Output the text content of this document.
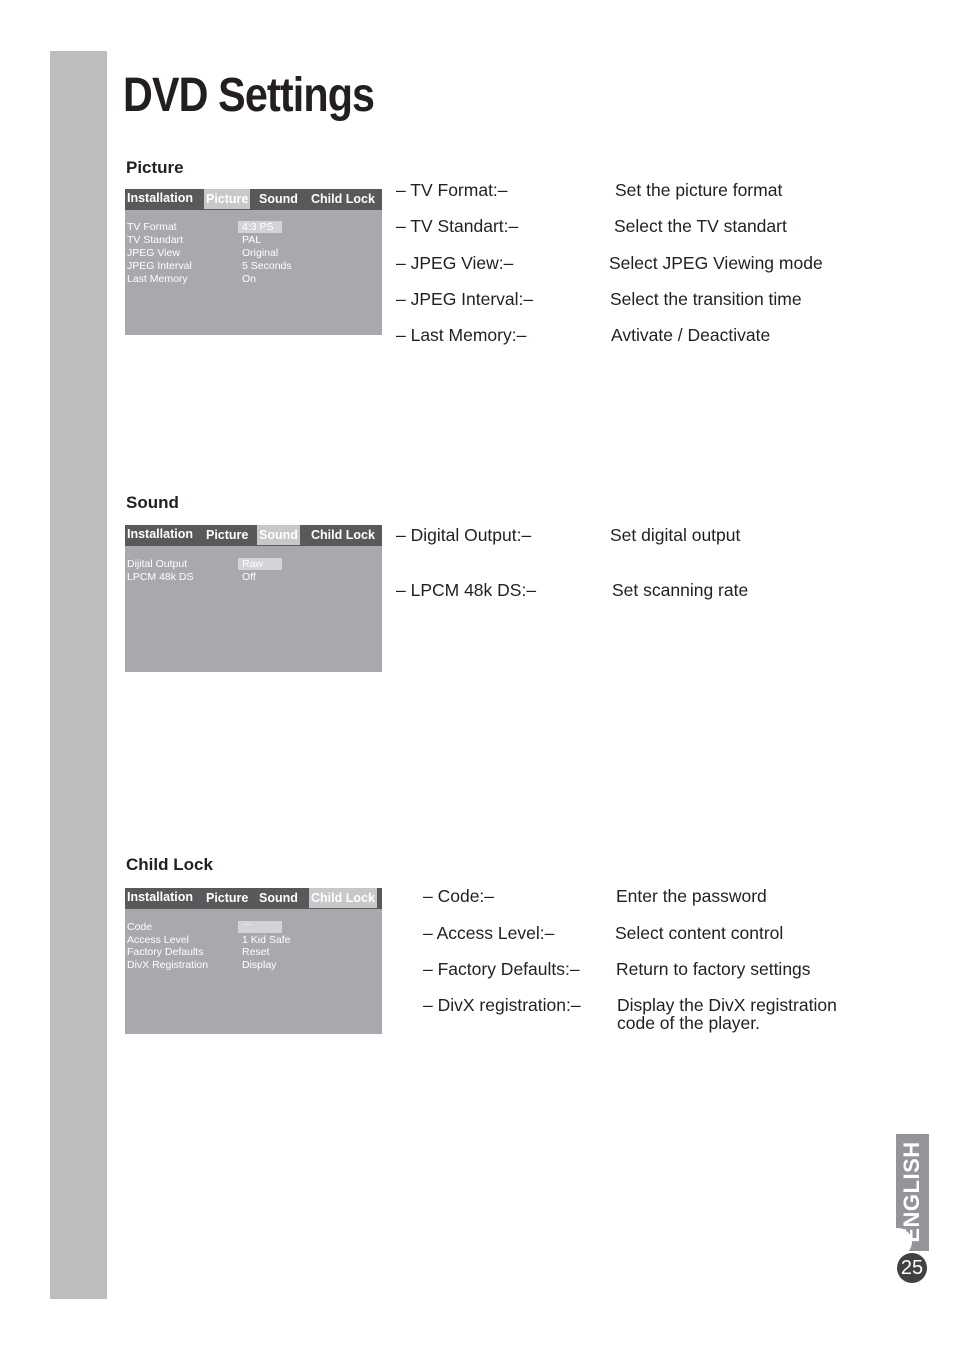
DVD Settings
Picture
Installation Picture Sound Child Lock
TV Format	4:3 PS
TV Standart	PAL
JPEG View	Original
JPEG Interval	5 Seconds
Last Memory	On
– TV Format:–	Set the picture format
– TV Standart:–	Select the TV standart
– JPEG View:–	Select JPEG Viewing mode
– JPEG Interval:–	Select the transition time
– Last Memory:–	Avtivate / Deactivate
Sound
Installation Picture Sound Child Lock
Dijital Output	Raw
LPCM 48k DS	Off
– Digital Output:–	Set digital output
– LPCM 48k DS:–	Set scanning rate
Child Lock
Installation Picture Sound Child Lock
Code	----
Access Level	1 Kid Safe
Factory Defaults	Reset
DivX Registration	Display
– Code:–	Enter the password
– Access Level:–	Select content control
– Factory Defaults:– Return to factory settings
– DivX registration:– Display the DivX registration
code of the player.
ENGLISH
25
